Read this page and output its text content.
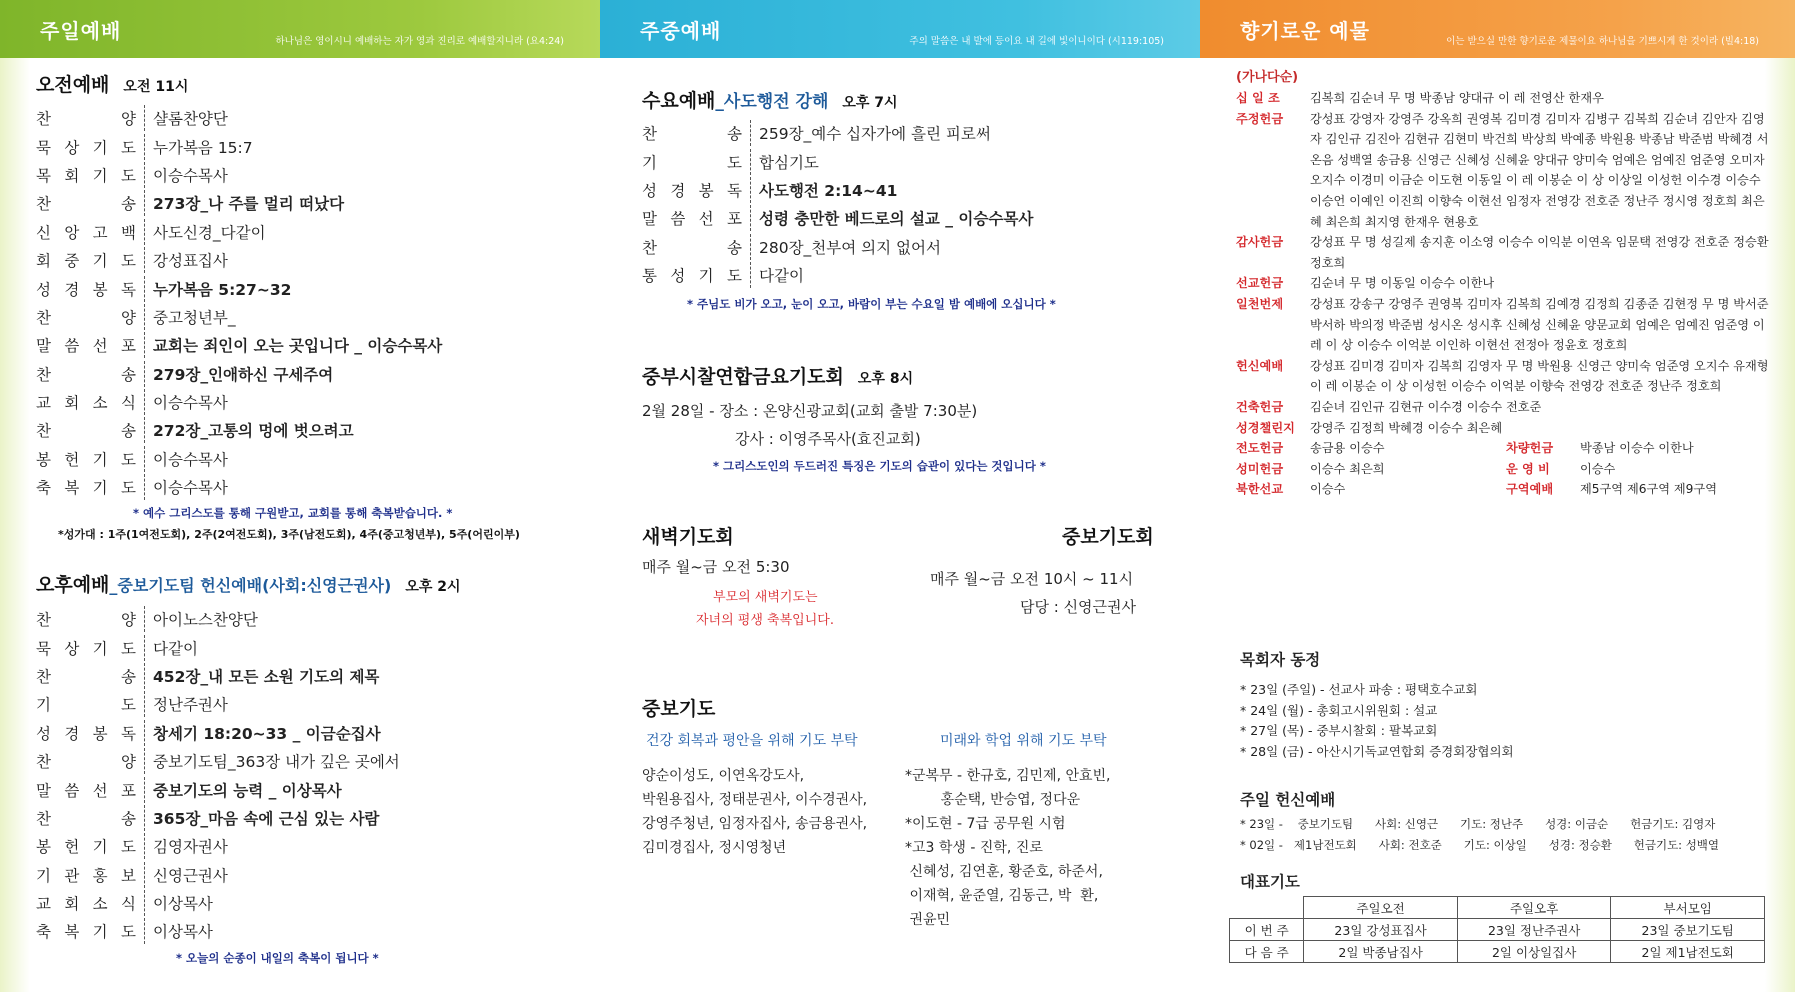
주일예배	하나님은 영이시니 예배하는 자가 영과 진리로 예배할지니라 (요4:24)
오전예배 오전 11시
찬	양 샬롬찬양단
묵 상 기 도 누가복음 15:7
목 회 기 도 이승수목사
찬	송 273장_나 주를 멀리 떠났다
신 앙 고 백 사도신경_다같이
회 중 기 도 강성표집사
성 경 봉 독 누가복음 5:27~32
찬	양 중고청년부_
말 씀 선 포 교회는 죄인이 오는 곳입니다 _ 이승수목사
찬	송 279장_인애하신 구세주여
교 회 소 식 이승수목사
찬	송 272장_고통의 멍에 벗으려고
봉 헌 기 도 이승수목사
축 복 기 도 이승수목사
* 예수 그리스도를 통해 구원받고, 교회를 통해 축복받습니다. *
*성가대 : 1주(1여전도회), 2주(2여전도회), 3주(남전도회), 4주(중고청년부), 5주(어린이부)
오후예배_중보기도팀 헌신예배(사회:신영근권사) 오후 2시
찬	양 아이노스찬양단
묵 상 기 도 다같이
찬	송 452장_내 모든 소원 기도의 제목
기	도 정난주권사
성 경 봉 독 창세기 18:20~33 _ 이금순집사
찬	양 중보기도팀_363장 내가 깊은 곳에서
말 씀 선 포 중보기도의 능력 _ 이상목사
찬	송 365장_마음 속에 근심 있는 사람
봉 헌 기 도 김영자권사
기 관 홍 보 신영근권사
교 회 소 식 이상목사
축 복 기 도 이상목사
* 오늘의 순종이 내일의 축복이 됩니다 *
주중예배	주의 말씀은 내 발에 등이요 내 길에 빛이니이다 (시119:105)
수요예배_사도행전 강해 오후 7시
찬	송 259장_예수 십자가에 흘린 피로써
기	도 합심기도
성 경 봉 독 사도행전 2:14~41
말 씀 선 포 성령 충만한 베드로의 설교 _ 이승수목사
찬	송 280장_천부여 의지 없어서
통 성 기 도 다같이
* 주님도 비가 오고, 눈이 오고, 바람이 부는 수요일 밤 예배에 오십니다 *
중부시찰연합금요기도회 오후 8시
2월 28일 - 장소 : 온양신광교회(교회 출발 7:30분)
강사 : 이영주목사(효진교회)
* 그리스도인의 두드러진 특징은 기도의 습관이 있다는 것입니다 *
새벽기도회
매주 월~금 오전 5:30
부모의 새벽기도는
자녀의 평생 축복입니다.
중보기도회
매주 월~금 오전 10시 ~ 11시
담당 : 신영근권사
중보기도
건강 회복과 평안을 위해 기도 부탁	미래와 학업 위해 기도 부탁
양순이성도, 이연옥강도사,
박원용집사, 정태분권사, 이수경권사,
강영주청년, 임정자집사, 송금용권사,
김미경집사, 정시영청년
*군복무 - 한규호, 김민제, 안효빈,
홍순택, 반승엽, 정다운
*이도현 - 7급 공무원 시험
*고3 학생 - 진학, 진로
신혜성, 김연훈, 황준호, 하준서,
이재혁, 윤준열, 김동근, 박  환,
권윤민
향기로운 예물	이는 받으실 만한 향기로운 제물이요 하나님을 기쁘시게 한 것이라 (빌4:18)
(가나다순)
십 일 조	김복희 김순녀 무 명 박종남 양대규 이 레 전영산 한재우
주정헌금	강성표 강영자 강영주 강옥희 권영복 김미경 김미자 김병구 김복희 김순녀 김안자 김영자 김인규 김진아 김현규 김현미 박건희 박상희 박예종 박원용 박종남 박준범 박혜경 서온음 성백열 송금용 신영근 신혜성 신혜윤 양대규 양미숙 엄예은 엄예진 엄준영 오미자 오지수 이경미 이금순 이도현 이동일 이 레 이봉순 이 상 이상일 이성헌 이수경 이승수 이승언 이예인 이진희 이향숙 이현선 임정자 전영강 전호준 정난주 정시영 정호희 최은혜 최은희 최지영 한재우 현용호
감사헌금	강성표 무 명 성길제 송지훈 이소영 이승수 이익분 이연옥 임문택 전영강 전호준 정승환 정호희
선교헌금	김순녀 무 명 이동일 이승수 이한나
일천번제	강성표 강송구 강영주 권영복 김미자 김복희 김예경 김정희 김종준 김현정 무 명 박서준 박서하 박의정 박준범 성시온 성시후 신혜성 신혜윤 양문교회 엄예은 엄예진 엄준영 이 레 이 상 이승수 이억분 이인하 이현선 전정아 정윤호 정호희
헌신예배	강성표 김미경 김미자 김복희 김영자 무 명 박원용 신영근 양미숙 엄준영 오지수 유재형 이 레 이봉순 이 상 이성헌 이승수 이억분 이향숙 전영강 전호준 정난주 정호희
건축헌금	김순녀 김인규 김현규 이수경 이승수 전호준
성경챌린지	강영주 김정희 박혜경 이승수 최은혜
전도헌금	송금용 이승수	차량헌금	박종남 이승수 이한나
성미헌금	이승수 최은희	운 영 비	이승수
북한선교	이승수	구역예배	제5구역 제6구역 제9구역
목회자 동정
* 23일 (주일) - 선교사 파송 : 평택호수교회
* 24일 (월) - 총회고시위원회 : 설교
* 27일 (목) - 중부시찰회 : 팔복교회
* 28일 (금) - 아산시기독교연합회 증경회장협의회
주일 헌신예배
* 23일 -    중보기도팀      사회: 신영근      기도: 정난주      성경: 이금순      헌금기도: 김영자
* 02일 -   제1남전도회      사회: 전호준      기도: 이상일      성경: 정승환      헌금기도: 성백열
대표기도
	주일오전	주일오후	부서모임
이 번 주	23일 강성표집사	23일 정난주권사	23일 중보기도팀
다 음 주	2일 박종남집사	2일 이상일집사	2일 제1남전도회
